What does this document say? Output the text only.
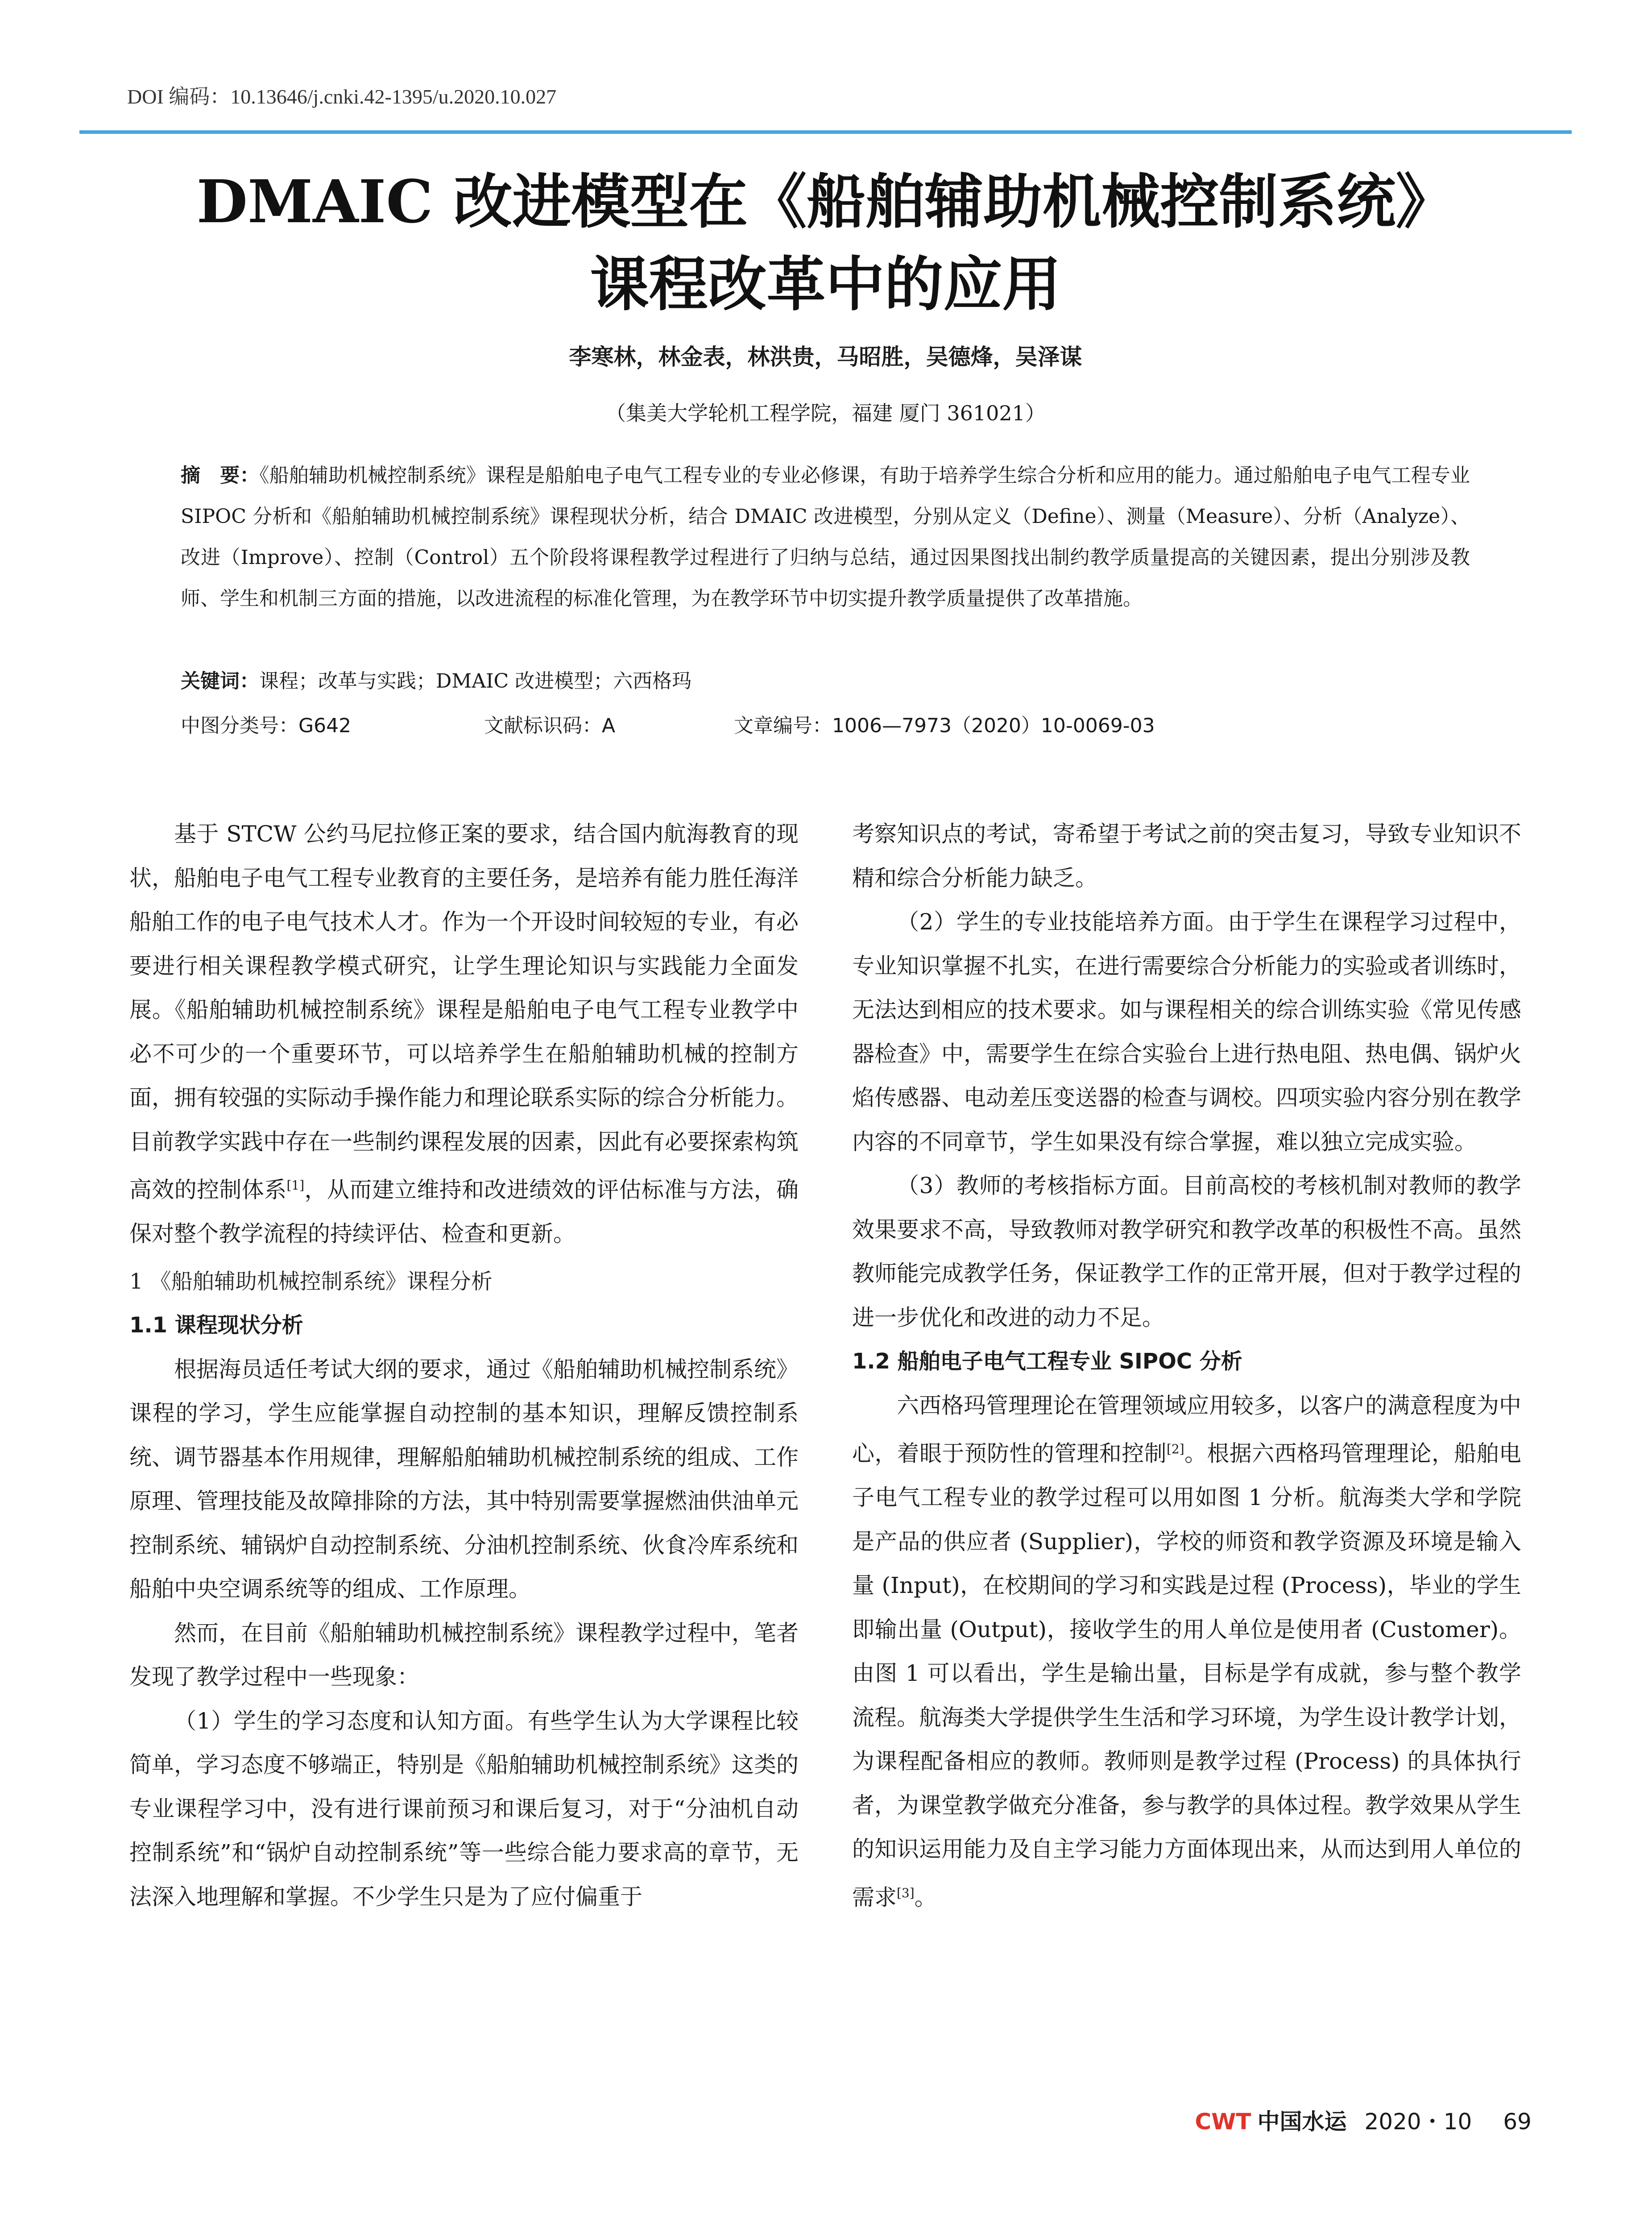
DOI 编码：10.13646/j.cnki.42-1395/u.2020.10.027
DMAIC 改进模型在《船舶辅助机械控制系统》
课程改革中的应用
李寒林，林金表，林洪贵，马昭胜，吴德烽，吴泽谋
（集美大学轮机工程学院，福建 厦门 361021）
摘　要：《船舶辅助机械控制系统》课程是船舶电子电气工程专业的专业必修课，有助于培养学生综合分析和应用的能力。通过船舶电子电气工程专业 SIPOC 分析和《船舶辅助机械控制系统》课程现状分析，结合 DMAIC 改进模型，分别从定义（Define）、测量（Measure）、分析（Analyze）、改进（Improve）、控制（Control）五个阶段将课程教学过程进行了归纳与总结，通过因果图找出制约教学质量提高的关键因素，提出分别涉及教师、学生和机制三方面的措施，以改进流程的标准化管理，为在教学环节中切实提升教学质量提供了改革措施。
关键词：课程；改革与实践；DMAIC 改进模型；六西格玛
中图分类号：G642	文献标识码：A	文章编号：1006—7973（2020）10-0069-03

基于 STCW 公约马尼拉修正案的要求，结合国内航海教育的现状，船舶电子电气工程专业教育的主要任务，是培养有能力胜任海洋船舶工作的电子电气技术人才。作为一个开设时间较短的专业，有必要进行相关课程教学模式研究，让学生理论知识与实践能力全面发展。《船舶辅助机械控制系统》课程是船舶电子电气工程专业教学中必不可少的一个重要环节，可以培养学生在船舶辅助机械的控制方面，拥有较强的实际动手操作能力和理论联系实际的综合分析能力。目前教学实践中存在一些制约课程发展的因素，因此有必要探索构筑高效的控制体系[1]，从而建立维持和改进绩效的评估标准与方法，确保对整个教学流程的持续评估、检查和更新。

1 《船舶辅助机械控制系统》课程分析
1.1 课程现状分析

根据海员适任考试大纲的要求，通过《船舶辅助机械控制系统》课程的学习，学生应能掌握自动控制的基本知识，理解反馈控制系统、调节器基本作用规律，理解船舶辅助机械控制系统的组成、工作原理、管理技能及故障排除的方法，其中特别需要掌握燃油供油单元控制系统、辅锅炉自动控制系统、分油机控制系统、伙食冷库系统和船舶中央空调系统等的组成、工作原理。

然而，在目前《船舶辅助机械控制系统》课程教学过程中，笔者发现了教学过程中一些现象：

（1）学生的学习态度和认知方面。有些学生认为大学课程比较简单，学习态度不够端正，特别是《船舶辅助机械控制系统》这类的专业课程学习中，没有进行课前预习和课后复习，对于“分油机自动控制系统”和“锅炉自动控制系统”等一些综合能力要求高的章节，无法深入地理解和掌握。不少学生只是为了应付偏重于

考察知识点的考试，寄希望于考试之前的突击复习，导致专业知识不精和综合分析能力缺乏。

（2）学生的专业技能培养方面。由于学生在课程学习过程中，专业知识掌握不扎实，在进行需要综合分析能力的实验或者训练时，无法达到相应的技术要求。如与课程相关的综合训练实验《常见传感器检查》中，需要学生在综合实验台上进行热电阻、热电偶、锅炉火焰传感器、电动差压变送器的检查与调校。四项实验内容分别在教学内容的不同章节，学生如果没有综合掌握，难以独立完成实验。

（3）教师的考核指标方面。目前高校的考核机制对教师的教学效果要求不高，导致教师对教学研究和教学改革的积极性不高。虽然教师能完成教学任务，保证教学工作的正常开展，但对于教学过程的进一步优化和改进的动力不足。

1.2 船舶电子电气工程专业 SIPOC 分析

六西格玛管理理论在管理领域应用较多，以客户的满意程度为中心，着眼于预防性的管理和控制[2]。根据六西格玛管理理论，船舶电子电气工程专业的教学过程可以用如图 1 分析。航海类大学和学院是产品的供应者 (Supplier)，学校的师资和教学资源及环境是输入量 (Input)，在校期间的学习和实践是过程 (Process)，毕业的学生即输出量 (Output)，接收学生的用人单位是使用者 (Customer)。由图 1 可以看出，学生是输出量，目标是学有成就，参与整个教学流程。航海类大学提供学生生活和学习环境，为学生设计教学计划，为课程配备相应的教师。教师则是教学过程 (Process) 的具体执行者，为课堂教学做充分准备，参与教学的具体过程。教学效果从学生的知识运用能力及自主学习能力方面体现出来，从而达到用人单位的需求[3]。

CWT 中国水运 2020・10 69
